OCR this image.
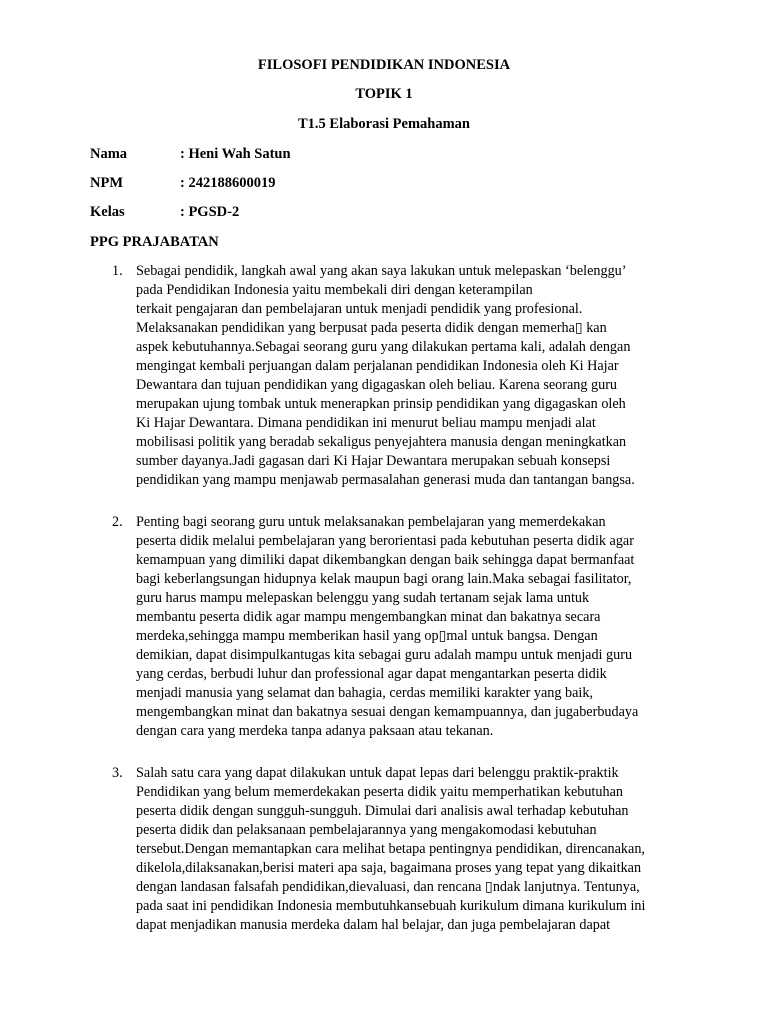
FILOSOFI PENDIDIKAN INDONESIA
TOPIK 1
T1.5 Elaborasi Pemahaman
Nama	: Heni Wah Satun
NPM	: 242188600019
Kelas	: PGSD-2
PPG PRAJABATAN
1. Sebagai pendidik, langkah awal yang akan saya lakukan untuk melepaskan ‘belenggu’
pada Pendidikan Indonesia yaitu membekali diri dengan keterampilan
terkait pengajaran dan pembelajaran untuk menjadi pendidik yang profesional.
Melaksanakan pendidikan yang berpusat pada peserta didik dengan memerha▯ kan
aspek kebutuhannya.Sebagai seorang guru yang dilakukan pertama kali, adalah dengan
mengingat kembali perjuangan dalam perjalanan pendidikan Indonesia oleh Ki Hajar
Dewantara dan tujuan pendidikan yang digagaskan oleh beliau. Karena seorang guru
merupakan ujung tombak untuk menerapkan prinsip pendidikan yang digagaskan oleh
Ki Hajar Dewantara. Dimana pendidikan ini menurut beliau mampu menjadi alat
mobilisasi politik yang beradab sekaligus penyejahtera manusia dengan meningkatkan
sumber dayanya.Jadi gagasan dari Ki Hajar Dewantara merupakan sebuah konsepsi
pendidikan yang mampu menjawab permasalahan generasi muda dan tantangan bangsa.
2. Penting bagi seorang guru untuk melaksanakan pembelajaran yang memerdekakan
peserta didik melalui pembelajaran yang berorientasi pada kebutuhan peserta didik agar
kemampuan yang dimiliki dapat dikembangkan dengan baik sehingga dapat bermanfaat
bagi keberlangsungan hidupnya kelak maupun bagi orang lain.Maka sebagai fasilitator,
guru harus mampu melepaskan belenggu yang sudah tertanam sejak lama untuk
membantu peserta didik agar mampu mengembangkan minat dan bakatnya secara
merdeka,sehingga mampu memberikan hasil yang op▯mal untuk bangsa. Dengan
demikian, dapat disimpulkantugas kita sebagai guru adalah mampu untuk menjadi guru
yang cerdas, berbudi luhur dan professional agar dapat mengantarkan peserta didik
menjadi manusia yang selamat dan bahagia, cerdas memiliki karakter yang baik,
mengembangkan minat dan bakatnya sesuai dengan kemampuannya, dan jugaberbudaya
dengan cara yang merdeka tanpa adanya paksaan atau tekanan.
3. Salah satu cara yang dapat dilakukan untuk dapat lepas dari belenggu praktik-praktik
Pendidikan yang belum memerdekakan peserta didik yaitu memperhatikan kebutuhan
peserta didik dengan sungguh-sungguh. Dimulai dari analisis awal terhadap kebutuhan
peserta didik dan pelaksanaan pembelajarannya yang mengakomodasi kebutuhan
tersebut.Dengan memantapkan cara melihat betapa pentingnya pendidikan, direncanakan,
dikelola,dilaksanakan,berisi materi apa saja, bagaimana proses yang tepat yang dikaitkan
dengan landasan falsafah pendidikan,dievaluasi, dan rencana ▯ndak lanjutnya. Tentunya,
pada saat ini pendidikan Indonesia membutuhkansebuah kurikulum dimana kurikulum ini
dapat menjadikan manusia merdeka dalam hal belajar, dan juga pembelajaran dapat
